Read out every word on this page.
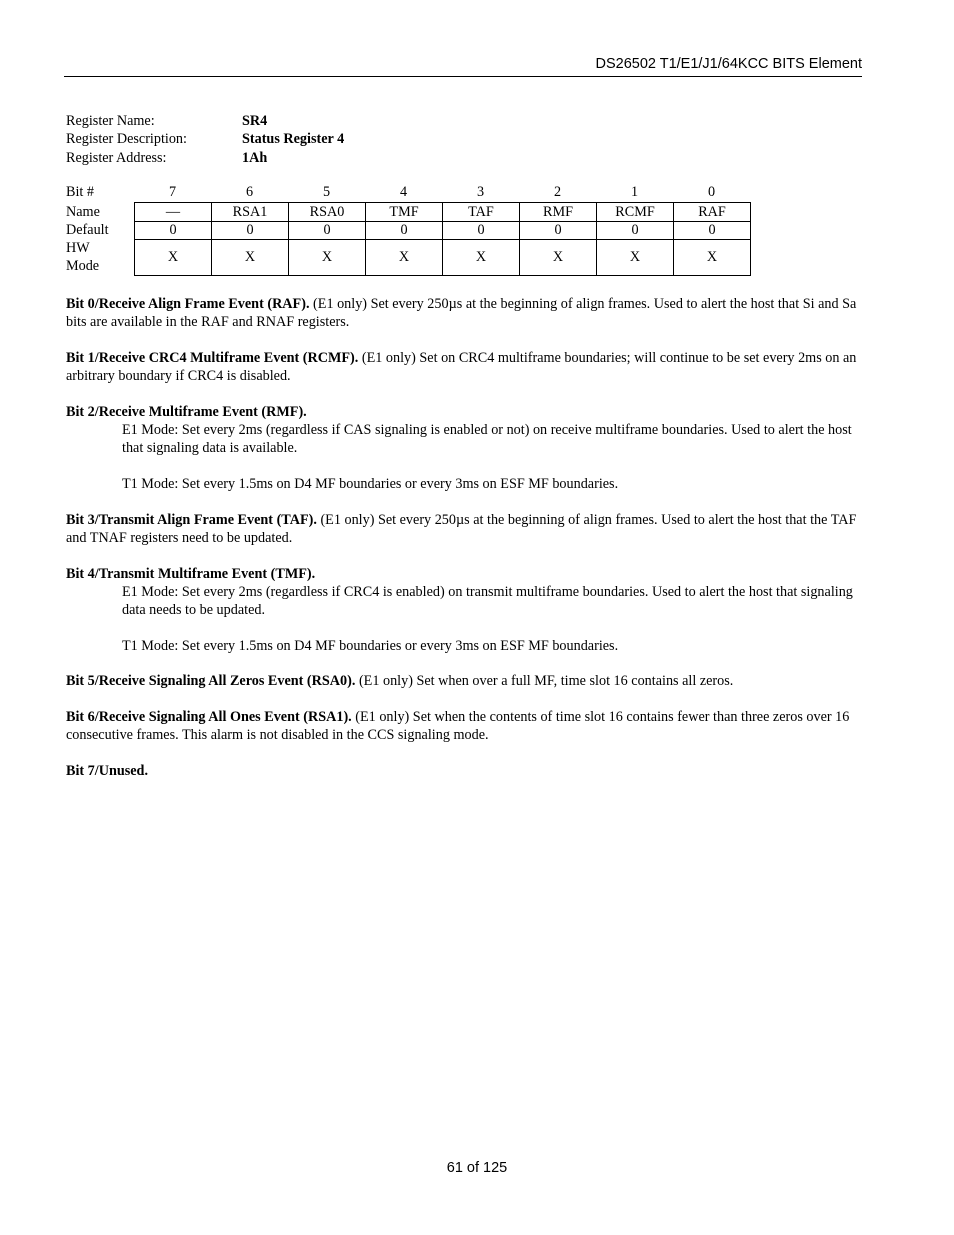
DS26502 T1/E1/J1/64KCC BITS Element
Register Name:	SR4
Register Description:	Status Register 4
Register Address:	1Ah
Bit #	7	6	5	4	3	2	1	0
Name	—	RSA1	RSA0	TMF	TAF	RMF	RCMF	RAF
Default	0	0	0	0	0	0	0	0
HW
Mode	X	X	X	X	X	X	X	X

Bit 0/Receive Align Frame Event (RAF). (E1 only) Set every 250µs at the beginning of align frames. Used to alert the host that Si and Sa bits are available in the RAF and RNAF registers.

Bit 1/Receive CRC4 Multiframe Event (RCMF). (E1 only) Set on CRC4 multiframe boundaries; will continue to be set every 2ms on an arbitrary boundary if CRC4 is disabled.

Bit 2/Receive Multiframe Event (RMF).

E1 Mode: Set every 2ms (regardless if CAS signaling is enabled or not) on receive multiframe boundaries. Used to alert the host that signaling data is available.

T1 Mode: Set every 1.5ms on D4 MF boundaries or every 3ms on ESF MF boundaries.

Bit 3/Transmit Align Frame Event (TAF). (E1 only) Set every 250µs at the beginning of align frames. Used to alert the host that the TAF and TNAF registers need to be updated.

Bit 4/Transmit Multiframe Event (TMF).

E1 Mode: Set every 2ms (regardless if CRC4 is enabled) on transmit multiframe boundaries. Used to alert the host that signaling data needs to be updated.

T1 Mode: Set every 1.5ms on D4 MF boundaries or every 3ms on ESF MF boundaries.

Bit 5/Receive Signaling All Zeros Event (RSA0). (E1 only) Set when over a full MF, time slot 16 contains all zeros.

Bit 6/Receive Signaling All Ones Event (RSA1). (E1 only) Set when the contents of time slot 16 contains fewer than three zeros over 16 consecutive frames. This alarm is not disabled in the CCS signaling mode.

Bit 7/Unused.

61 of 125
